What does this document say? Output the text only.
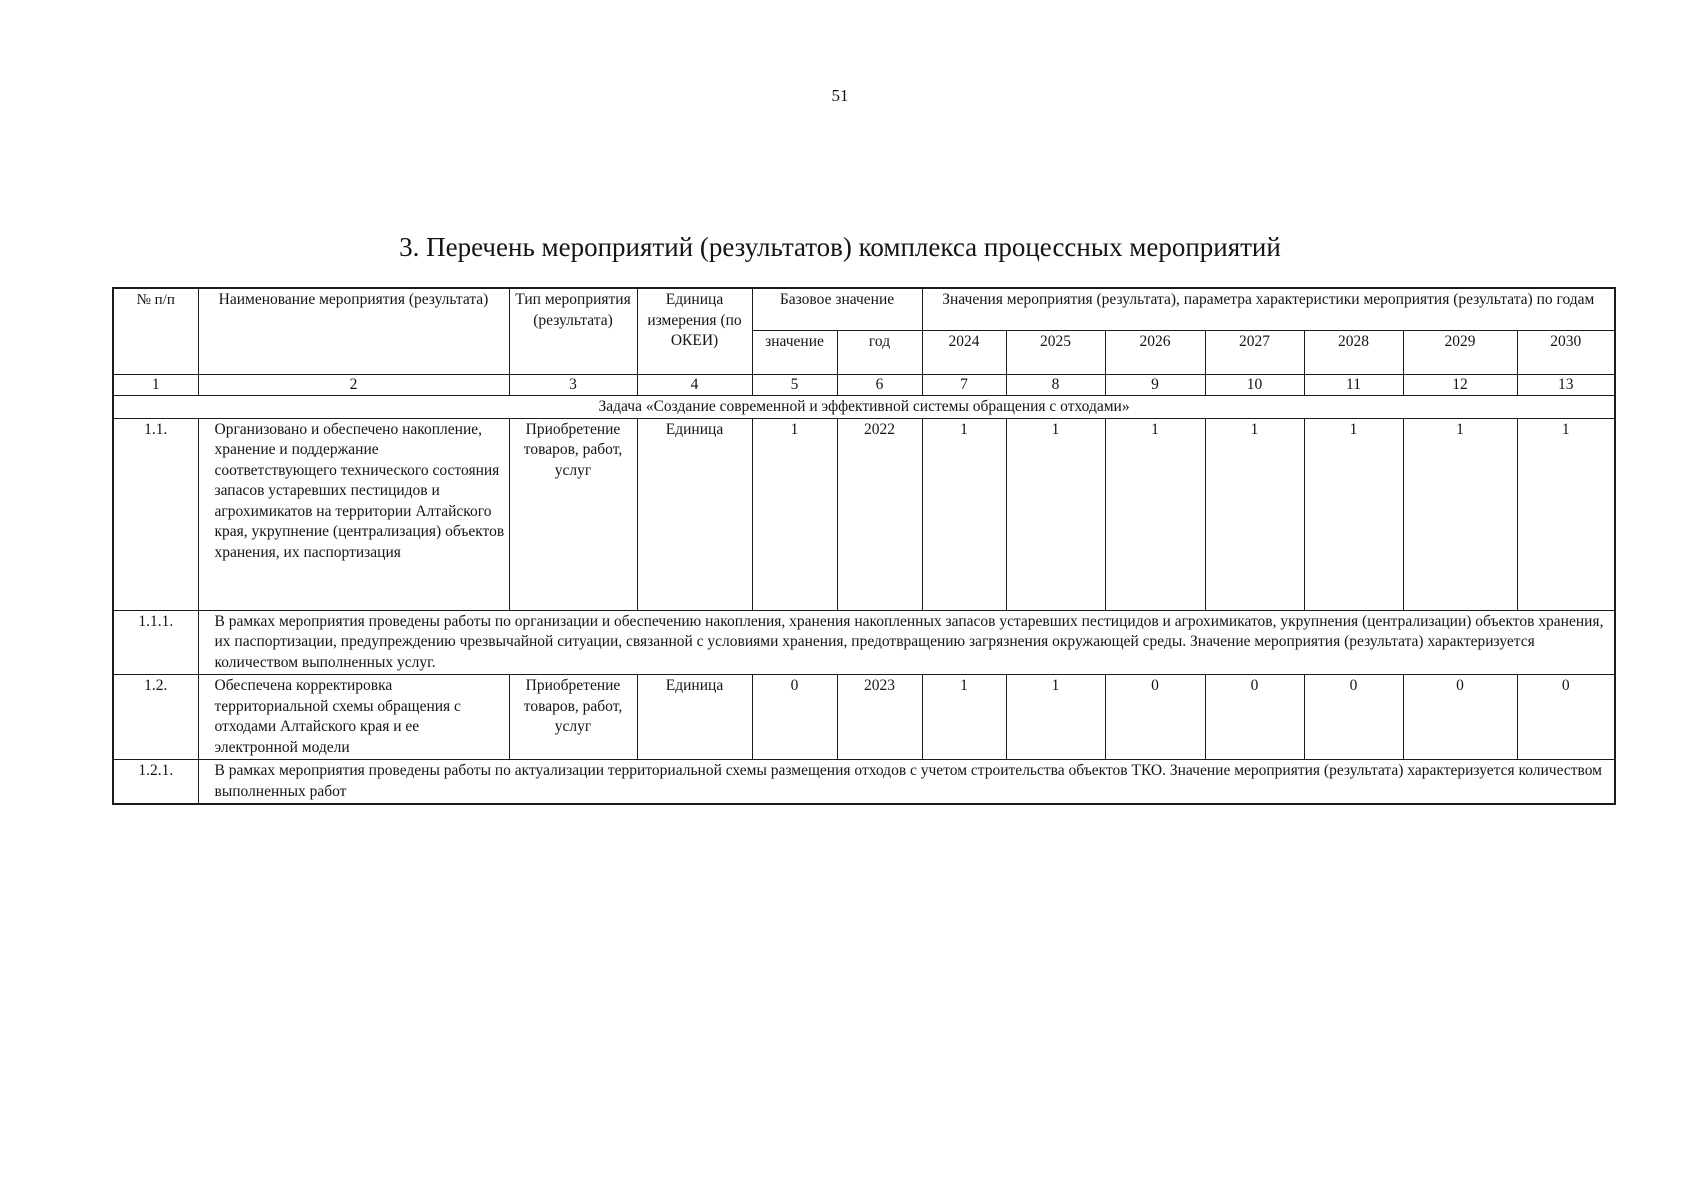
51
3. Перечень мероприятий (результатов) комплекса процессных мероприятий
№ п/п	Наименование мероприятия (результата)	Тип мероприятия (результата)	Единица измерения (по ОКЕИ)	Базовое значение		Значения мероприятия (результата), параметра характеристики мероприятия (результата) по годам						
				значение	год	2024	2025	2026	2027	2028	2029	2030
1	2	3	4	5	6	7	8	9	10	11	12	13
Задача «Создание современной и эффективной системы обращения с отходами»												
1.1.	Организовано и обеспечено накопление, хранение и поддержание соответствующего технического состояния запасов устаревших пестицидов и агрохимикатов на территории Алтайского края, укрупнение (централизация) объектов хранения, их паспортизация	Приобретение товаров, работ, услуг	Единица	1	2022	1	1	1	1	1	1	1
1.1.1.	В рамках мероприятия проведены работы по организации и обеспечению накопления, хранения накопленных запасов устаревших пестицидов и агрохимикатов, укрупнения (централизации) объектов хранения, их паспортизации, предупреждению чрезвычайной ситуации, связанной с условиями хранения, предотвращению загрязнения окружающей среды. Значение мероприятия (результата) характеризуется количеством выполненных услуг.											
1.2.	Обеспечена корректировка территориальной схемы обращения с отходами Алтайского края и ее электронной модели	Приобретение товаров, работ, услуг	Единица	0	2023	1	1	0	0	0	0	0
1.2.1.	В рамках мероприятия проведены работы по актуализации территориальной схемы размещения отходов с учетом строительства объектов ТКО. Значение мероприятия (результата) характеризуется количеством выполненных работ											
